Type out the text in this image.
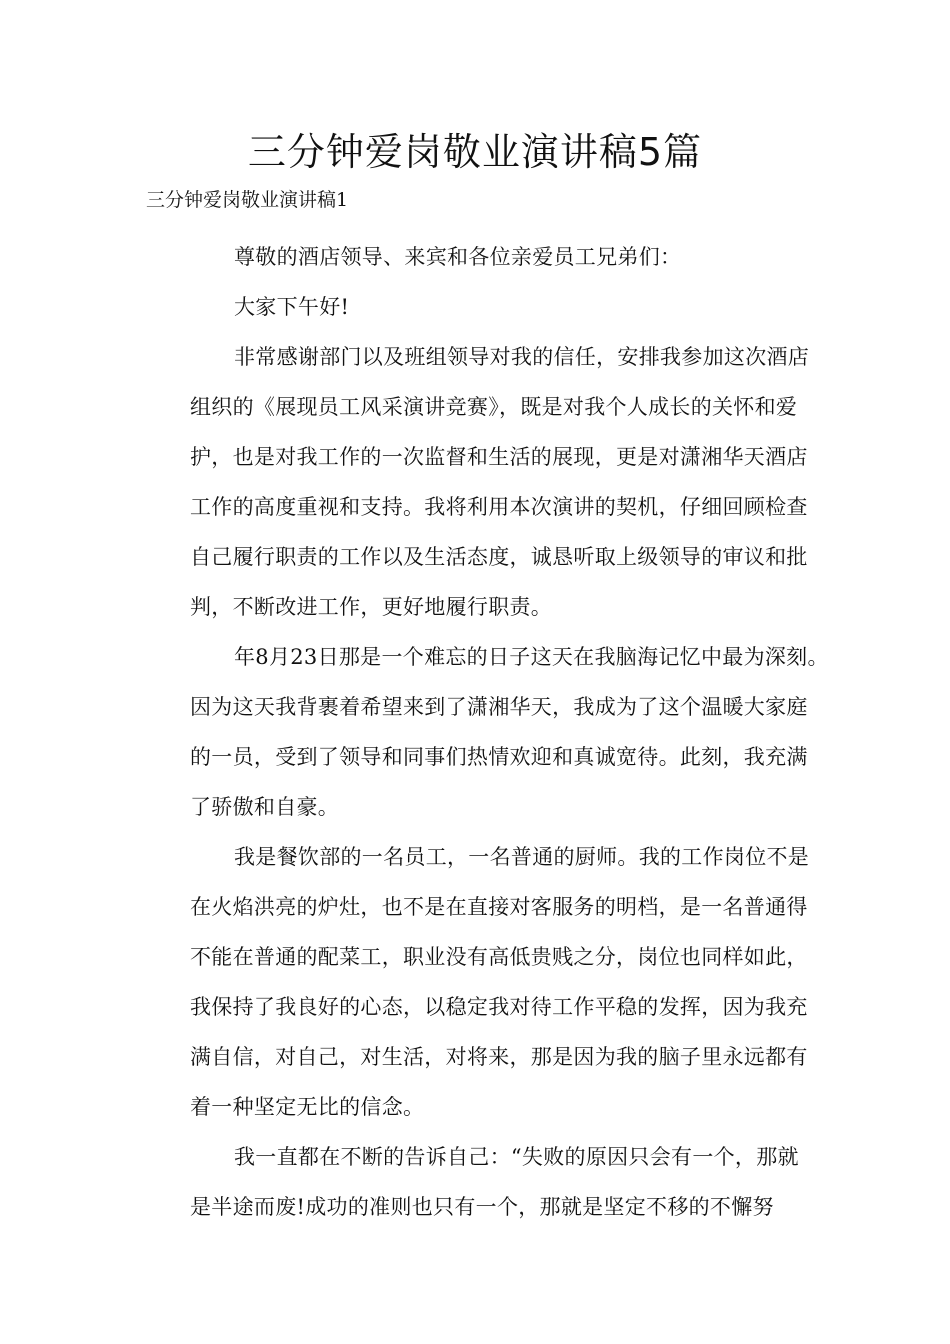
三分钟爱岗敬业演讲稿5篇
三分钟爱岗敬业演讲稿1
尊敬的酒店领导、来宾和各位亲爱员工兄弟们：
大家下午好!
非常感谢部门以及班组领导对我的信任，安排我参加这次酒店
组织的《展现员工风采演讲竞赛》，既是对我个人成长的关怀和爱
护，也是对我工作的一次监督和生活的展现，更是对潇湘华天酒店
工作的高度重视和支持。我将利用本次演讲的契机，仔细回顾检查
自己履行职责的工作以及生活态度，诚恳听取上级领导的审议和批
判，不断改进工作，更好地履行职责。
年8月23日那是一个难忘的日子这天在我脑海记忆中最为深刻。
因为这天我背裹着希望来到了潇湘华天，我成为了这个温暖大家庭
的一员，受到了领导和同事们热情欢迎和真诚宽待。此刻，我充满
了骄傲和自豪。
我是餐饮部的一名员工，一名普通的厨师。我的工作岗位不是
在火焰洪亮的炉灶，也不是在直接对客服务的明档，是一名普通得
不能在普通的配菜工，职业没有高低贵贱之分，岗位也同样如此，
我保持了我良好的心态，以稳定我对待工作平稳的发挥，因为我充
满自信，对自己，对生活，对将来，那是因为我的脑子里永远都有
着一种坚定无比的信念。
我一直都在不断的告诉自己：“失败的原因只会有一个，那就
是半途而废!成功的准则也只有一个，那就是坚定不移的不懈努
